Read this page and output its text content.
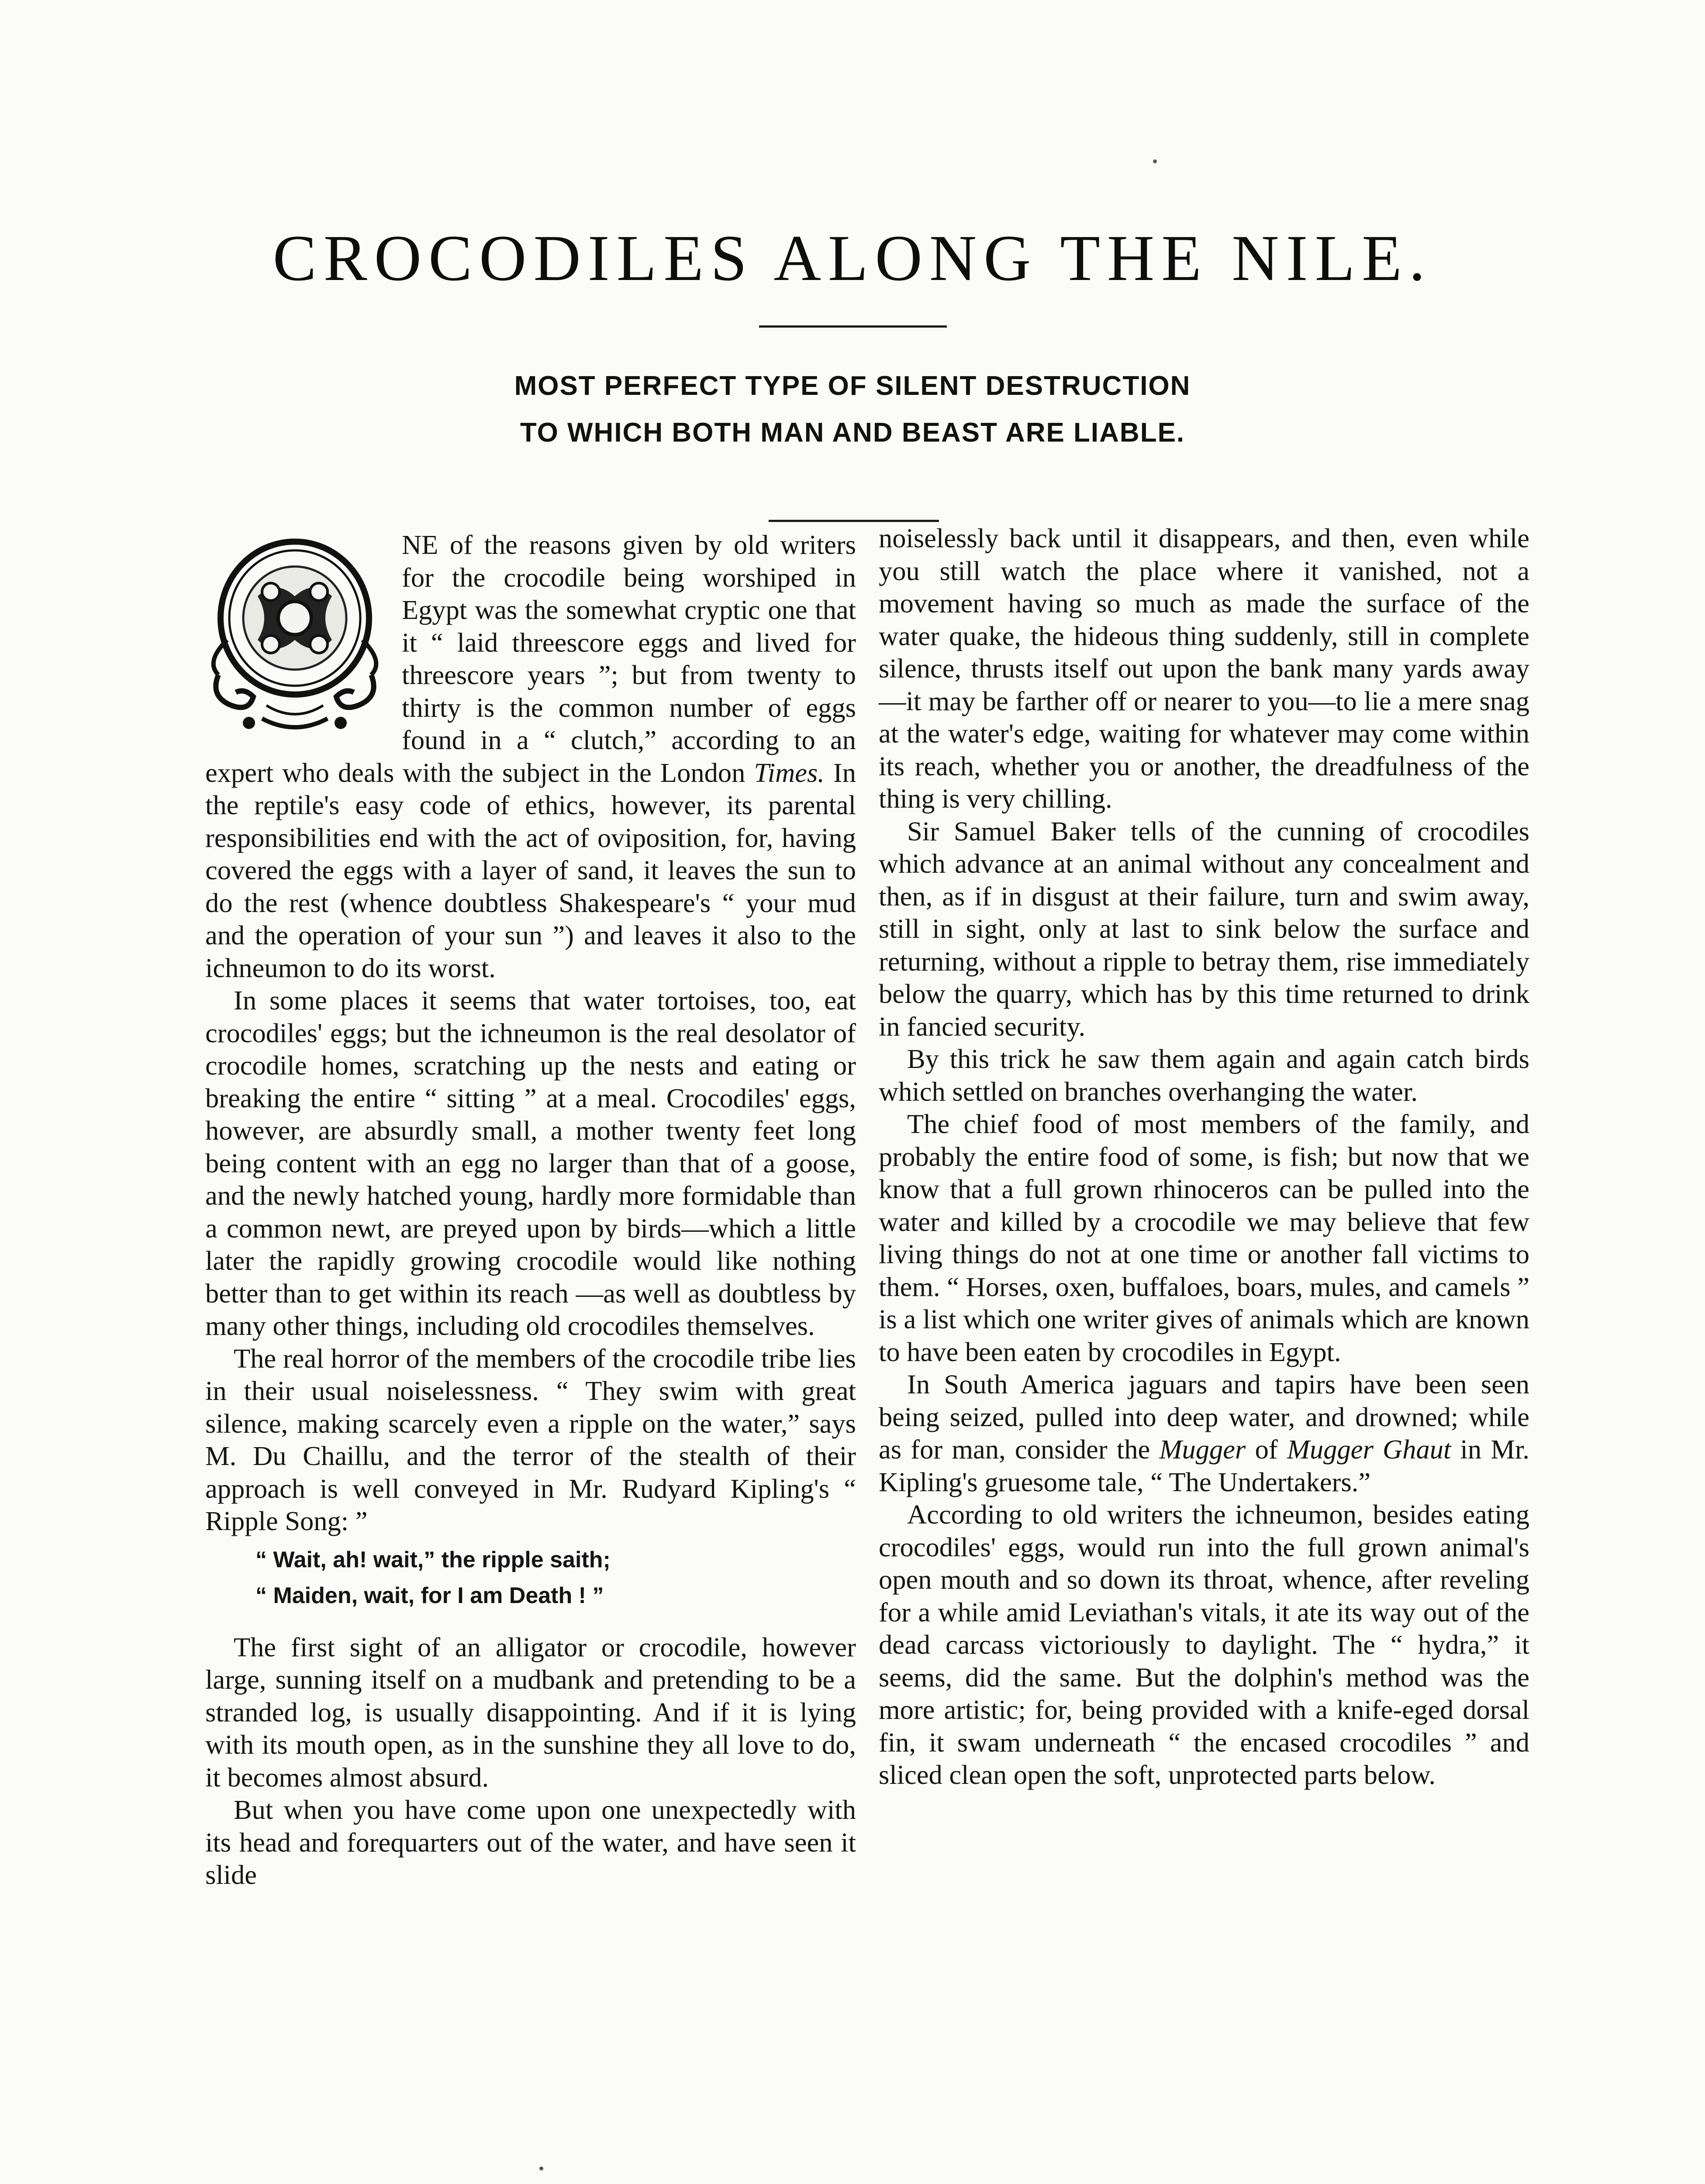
CROCODILES ALONG THE NILE.
MOST PERFECT TYPE OF SILENT DESTRUCTION
TO WHICH BOTH MAN AND BEAST ARE LIABLE.

NE of the reasons given by old writers for the crocodile being worshiped in Egypt was the somewhat cryptic one that it “ laid threescore eggs and lived for threescore years ”; but from twenty to thirty is the common number of eggs found in a “ clutch,” according to an expert who deals with the subject in the London Times. In the reptile's easy code of ethics, however, its parental responsibilities end with the act of oviposition, for, having covered the eggs with a layer of sand, it leaves the sun to do the rest (whence doubtless Shakespeare's “ your mud and the operation of your sun ”) and leaves it also to the ichneumon to do its worst.

In some places it seems that water tortoises, too, eat crocodiles' eggs; but the ichneumon is the real desolator of crocodile homes, scratching up the nests and eating or breaking the entire “ sitting ” at a meal. Crocodiles' eggs, however, are absurdly small, a mother twenty feet long being content with an egg no larger than that of a goose, and the newly hatched young, hardly more formidable than a common newt, are preyed upon by birds—which a little later the rapidly growing crocodile would like nothing better than to get within its reach —as well as doubtless by many other things, including old crocodiles themselves.

The real horror of the members of the crocodile tribe lies in their usual noiselessness. “ They swim with great silence, making scarcely even a ripple on the water,” says M. Du Chaillu, and the terror of the stealth of their approach is well conveyed in Mr. Rudyard Kipling's “ Ripple Song: ”

“ Wait, ah! wait,” the ripple saith;
“ Maiden, wait, for I am Death ! ”

The first sight of an alligator or crocodile, however large, sunning itself on a mudbank and pretending to be a stranded log, is usually disappointing. And if it is lying with its mouth open, as in the sunshine they all love to do, it becomes almost absurd.

But when you have come upon one unexpectedly with its head and forequarters out of the water, and have seen it slide

noiselessly back until it disappears, and then, even while you still watch the place where it vanished, not a movement having so much as made the surface of the water quake, the hideous thing suddenly, still in complete silence, thrusts itself out upon the bank many yards away—it may be farther off or nearer to you—to lie a mere snag at the water's edge, waiting for whatever may come within its reach, whether you or another, the dreadfulness of the thing is very chilling.

Sir Samuel Baker tells of the cunning of crocodiles which advance at an animal without any concealment and then, as if in disgust at their failure, turn and swim away, still in sight, only at last to sink below the surface and returning, without a ripple to betray them, rise immediately below the quarry, which has by this time returned to drink in fancied security.

By this trick he saw them again and again catch birds which settled on branches overhanging the water.

The chief food of most members of the family, and probably the entire food of some, is fish; but now that we know that a full grown rhinoceros can be pulled into the water and killed by a crocodile we may believe that few living things do not at one time or another fall victims to them. “ Horses, oxen, buffaloes, boars, mules, and camels ” is a list which one writer gives of animals which are known to have been eaten by crocodiles in Egypt.

In South America jaguars and tapirs have been seen being seized, pulled into deep water, and drowned; while as for man, consider the Mugger of Mugger Ghaut in Mr. Kipling's gruesome tale, “ The Undertakers.”

According to old writers the ichneumon, besides eating crocodiles' eggs, would run into the full grown animal's open mouth and so down its throat, whence, after reveling for a while amid Leviathan's vitals, it ate its way out of the dead carcass victoriously to daylight. The “ hydra,” it seems, did the same. But the dolphin's method was the more artistic; for, being provided with a knife-eged dorsal fin, it swam underneath “ the encased crocodiles ” and sliced clean open the soft, unprotected parts below.
